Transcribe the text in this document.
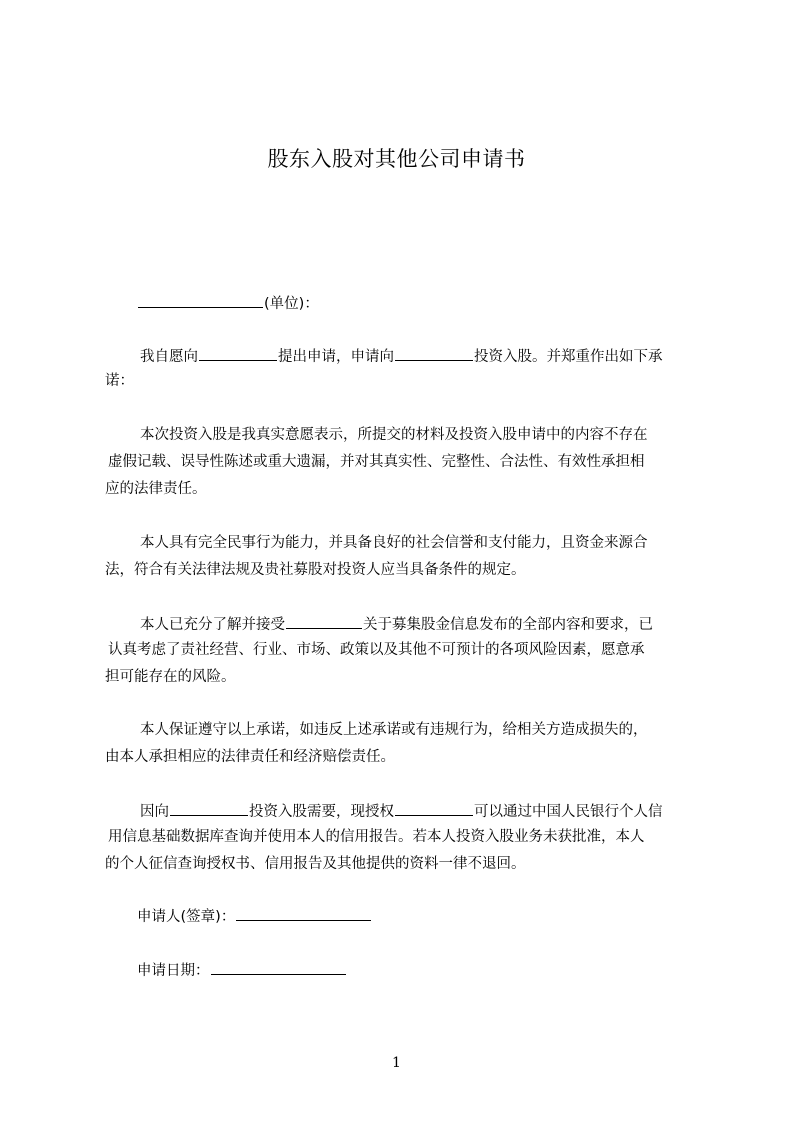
股东入股对其他公司申请书
(单位)：
我自愿向	提出申请，申请向	投资入股。并郑重作出如下承
诺：
本次投资入股是我真实意愿表示，所提交的材料及投资入股申请中的内容不存在
虚假记载、误导性陈述或重大遗漏，并对其真实性、完整性、合法性、有效性承担相
应的法律责任。
本人具有完全民事行为能力，并具备良好的社会信誉和支付能力，且资金来源合
法，符合有关法律法规及贵社募股对投资人应当具备条件的规定。
本人已充分了解并接受	关于募集股金信息发布的全部内容和要求，已
认真考虑了责社经营、行业、市场、政策以及其他不可预计的各项风险因素，愿意承
担可能存在的风险。
本人保证遵守以上承诺，如违反上述承诺或有违规行为，给相关方造成损失的，
由本人承担相应的法律责任和经济赔偿责任。
因向	投资入股需要，现授权	可以通过中国人民银行个人信
用信息基础数据库查询并使用本人的信用报告。若本人投资入股业务未获批准，本人
的个人征信查询授权书、信用报告及其他提供的资料一律不退回。
申请人(签章)：
申请日期：
1
